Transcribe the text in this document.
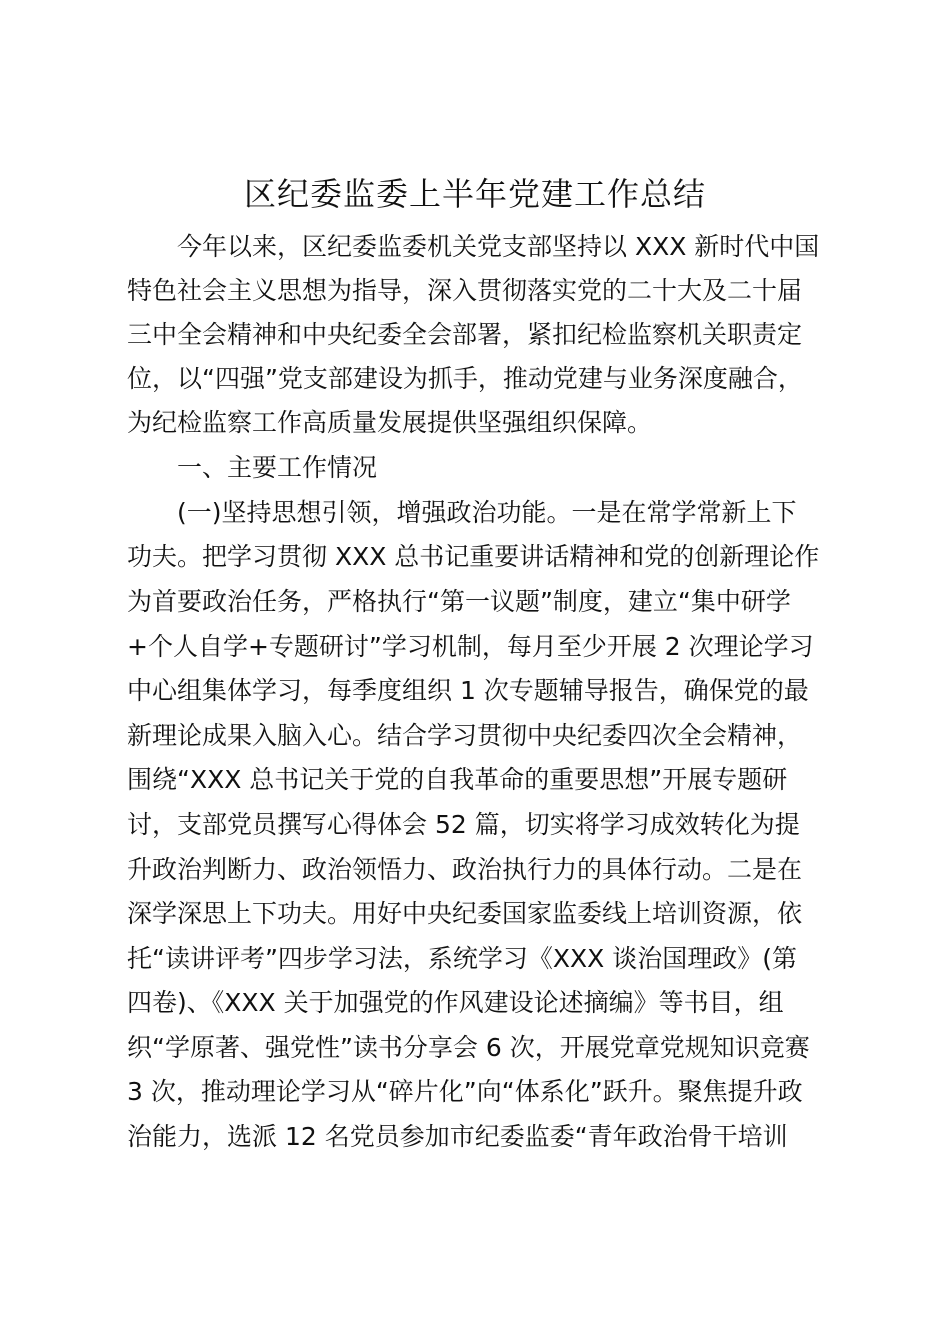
区纪委监委上半年党建工作总结
今年以来，区纪委监委机关党支部坚持以 XXX 新时代中国
特色社会主义思想为指导，深入贯彻落实党的二十大及二十届
三中全会精神和中央纪委全会部署，紧扣纪检监察机关职责定
位，以“四强”党支部建设为抓手，推动党建与业务深度融合，
为纪检监察工作高质量发展提供坚强组织保障。
一、主要工作情况
(一)坚持思想引领，增强政治功能。一是在常学常新上下
功夫。把学习贯彻 XXX 总书记重要讲话精神和党的创新理论作
为首要政治任务，严格执行“第一议题”制度，建立“集中研学
+个人自学+专题研讨”学习机制，每月至少开展 2 次理论学习
中心组集体学习，每季度组织 1 次专题辅导报告，确保党的最
新理论成果入脑入心。结合学习贯彻中央纪委四次全会精神，
围绕“XXX 总书记关于党的自我革命的重要思想”开展专题研
讨，支部党员撰写心得体会 52 篇，切实将学习成效转化为提
升政治判断力、政治领悟力、政治执行力的具体行动。二是在
深学深思上下功夫。用好中央纪委国家监委线上培训资源，依
托“读讲评考”四步学习法，系统学习《XXX 谈治国理政》(第
四卷)、《XXX 关于加强党的作风建设论述摘编》等书目，组
织“学原著、强党性”读书分享会 6 次，开展党章党规知识竞赛
3 次，推动理论学习从“碎片化”向“体系化”跃升。聚焦提升政
治能力，选派 12 名党员参加市纪委监委“青年政治骨干培训
